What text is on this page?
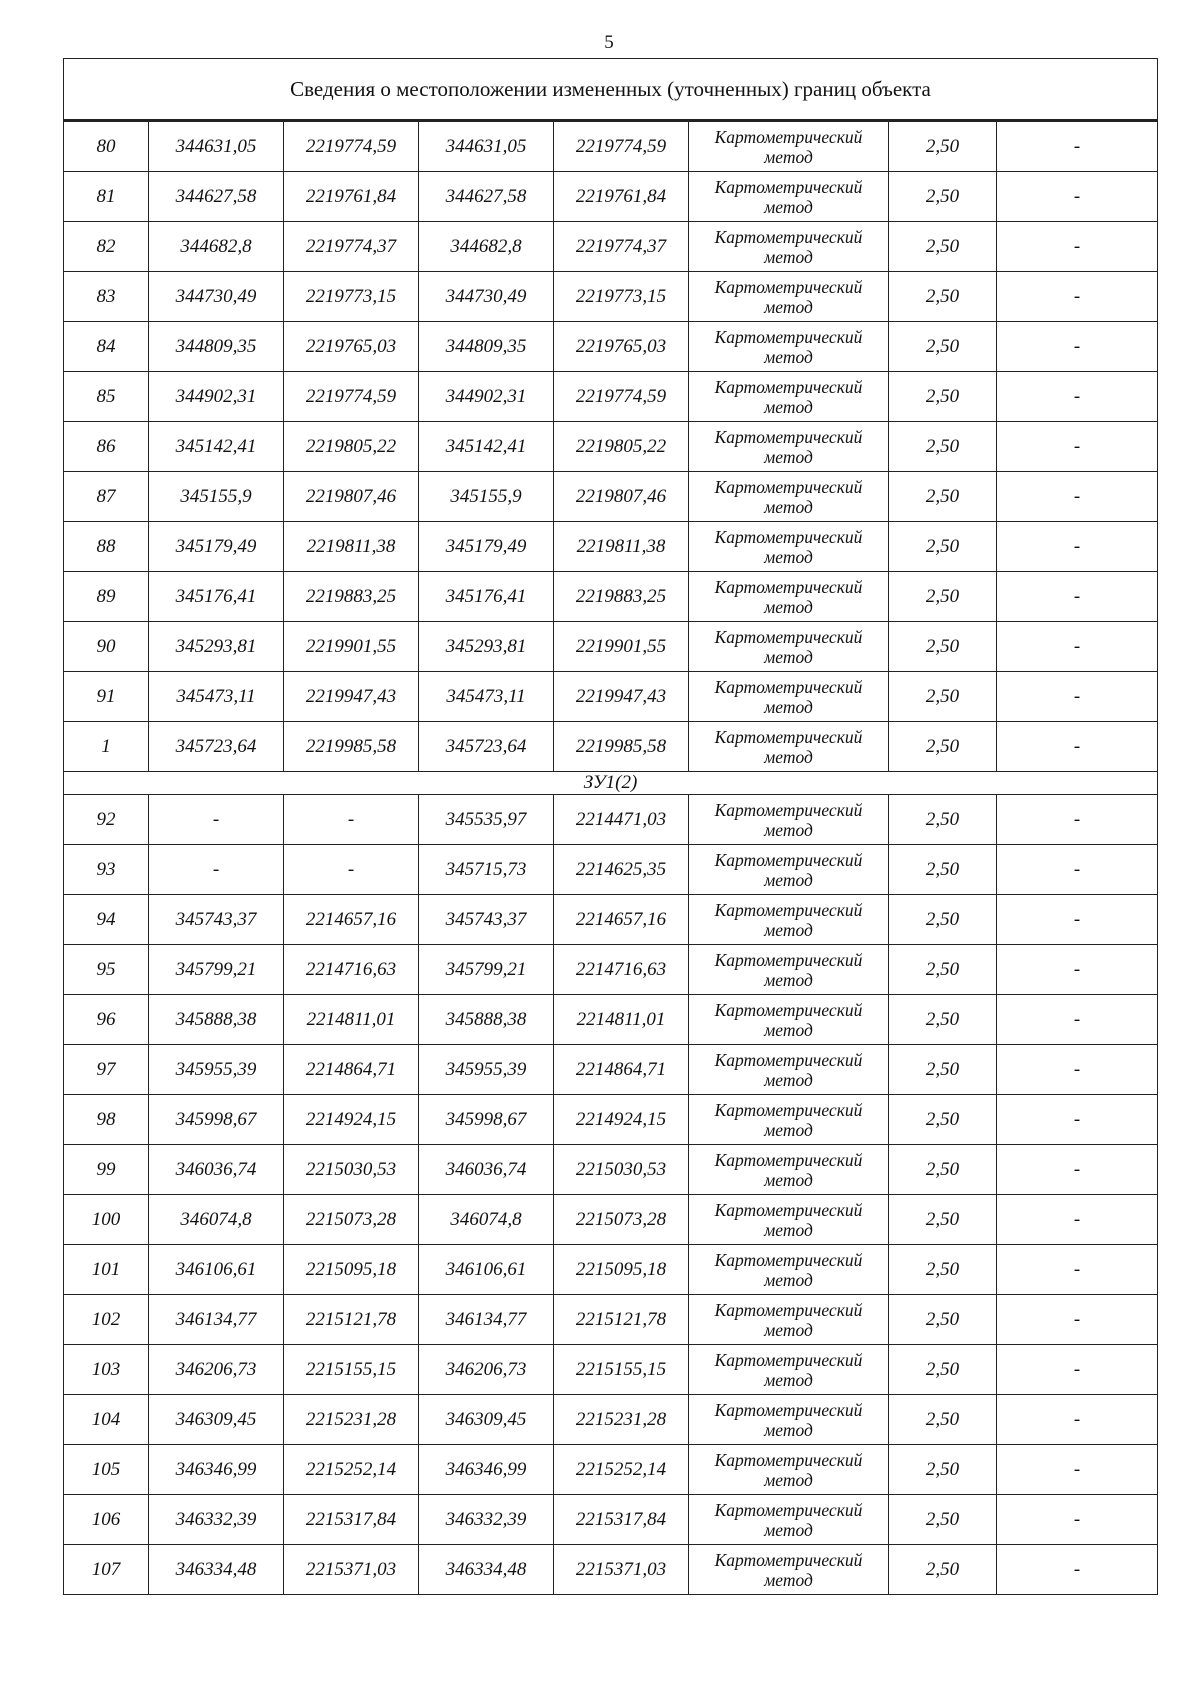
5
Сведения о местоположении измененных (уточненных) границ объекта							
80	344631,05	2219774,59	344631,05	2219774,59	Картометрический метод	2,50	-
81	344627,58	2219761,84	344627,58	2219761,84	Картометрический метод	2,50	-
82	344682,8	2219774,37	344682,8	2219774,37	Картометрический метод	2,50	-
83	344730,49	2219773,15	344730,49	2219773,15	Картометрический метод	2,50	-
84	344809,35	2219765,03	344809,35	2219765,03	Картометрический метод	2,50	-
85	344902,31	2219774,59	344902,31	2219774,59	Картометрический метод	2,50	-
86	345142,41	2219805,22	345142,41	2219805,22	Картометрический метод	2,50	-
87	345155,9	2219807,46	345155,9	2219807,46	Картометрический метод	2,50	-
88	345179,49	2219811,38	345179,49	2219811,38	Картометрический метод	2,50	-
89	345176,41	2219883,25	345176,41	2219883,25	Картометрический метод	2,50	-
90	345293,81	2219901,55	345293,81	2219901,55	Картометрический метод	2,50	-
91	345473,11	2219947,43	345473,11	2219947,43	Картометрический метод	2,50	-
1	345723,64	2219985,58	345723,64	2219985,58	Картометрический метод	2,50	-
ЗУ1(2)							
92	-	-	345535,97	2214471,03	Картометрический метод	2,50	-
93	-	-	345715,73	2214625,35	Картометрический метод	2,50	-
94	345743,37	2214657,16	345743,37	2214657,16	Картометрический метод	2,50	-
95	345799,21	2214716,63	345799,21	2214716,63	Картометрический метод	2,50	-
96	345888,38	2214811,01	345888,38	2214811,01	Картометрический метод	2,50	-
97	345955,39	2214864,71	345955,39	2214864,71	Картометрический метод	2,50	-
98	345998,67	2214924,15	345998,67	2214924,15	Картометрический метод	2,50	-
99	346036,74	2215030,53	346036,74	2215030,53	Картометрический метод	2,50	-
100	346074,8	2215073,28	346074,8	2215073,28	Картометрический метод	2,50	-
101	346106,61	2215095,18	346106,61	2215095,18	Картометрический метод	2,50	-
102	346134,77	2215121,78	346134,77	2215121,78	Картометрический метод	2,50	-
103	346206,73	2215155,15	346206,73	2215155,15	Картометрический метод	2,50	-
104	346309,45	2215231,28	346309,45	2215231,28	Картометрический метод	2,50	-
105	346346,99	2215252,14	346346,99	2215252,14	Картометрический метод	2,50	-
106	346332,39	2215317,84	346332,39	2215317,84	Картометрический метод	2,50	-
107	346334,48	2215371,03	346334,48	2215371,03	Картометрический метод	2,50	-
